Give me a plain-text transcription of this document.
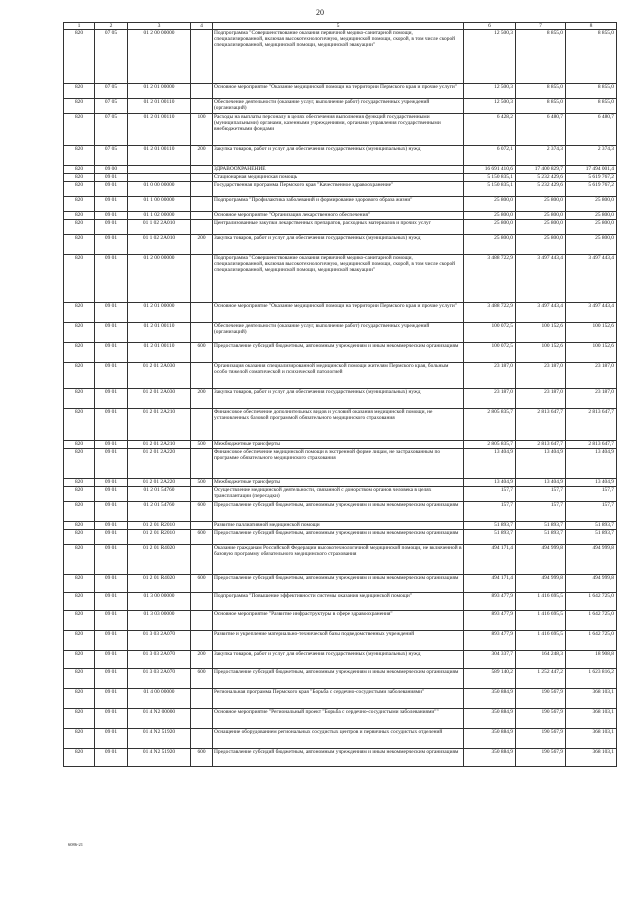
20
1	2	3	4	5	6	7	8
820	07 05	01 2 00 00000		Подпрограмма "Совершенствование оказания первичной медико-санитарной помощи, специализированной, включая высокотехнологичную, медицинской помощи, скорой, в том числе скорой специализированной, медицинской помощи, медицинской эвакуации"	12 500,3	8 855,0	8 855,0
820	07 05	01 2 01 00000		Основное мероприятие "Оказание медицинской помощи на территории Пермского края и прочие услуги"	12 500,3	8 855,0	8 855,0
820	07 05	01 2 01 00110		Обеспечение деятельности (оказание услуг, выполнение работ) государственных учреждений (организаций)	12 500,3	8 855,0	8 855,0
820	07 05	01 2 01 00110	100	Расходы на выплаты персоналу в целях обеспечения выполнения функций государственными (муниципальными) органами, казенными учреждениями, органами управления государственными внебюджетными фондами	6 428,2	6 480,7	6 480,7
820	07 05	01 2 01 00110	200	Закупка товаров, работ и услуг для обеспечения государственных (муниципальных) нужд	6 072,1	2 374,3	2 374,3
820	09 00			ЗДРАВООХРАНЕНИЕ	16 691 410,6	17 400 829,7	17 494 001,4
820	09 01			Стационарная медицинская помощь	5 150 835,1	5 232 429,6	5 619 767,2
820	09 01	01 0 00 00000		Государственная программа Пермского края "Качественное здравоохранение"	5 150 835,1	5 232 429,6	5 619 767,2
820	09 01	01 1 00 00000		Подпрограмма "Профилактика заболеваний и формирование здорового образа жизни"	25 800,0	25 800,0	25 800,0
820	09 01	01 1 02 00000		Основное мероприятие "Организация лекарственного обеспечения"	25 800,0	25 800,0	25 800,0
820	09 01	01 1 02 2A010		Централизованные закупки лекарственных препаратов, расходных материалов и прочих услуг	25 800,0	25 800,0	25 800,0
820	09 01	01 1 02 2A010	200	Закупка товаров, работ и услуг для обеспечения государственных (муниципальных) нужд	25 800,0	25 800,0	25 800,0
820	09 01	01 2 00 00000		Подпрограмма "Совершенствование оказания первичной медико-санитарной помощи, специализированной, включая высокотехнологичную, медицинской помощи, скорой, в том числе скорой специализированной, медицинской помощи, медицинской эвакуации"	3 488 722,9	3 497 443,4	3 497 443,4
820	09 01	01 2 01 00000		Основное мероприятие "Оказание медицинской помощи на территории Пермского края и прочие услуги"	3 488 722,9	3 497 443,4	3 497 443,4
820	09 01	01 2 01 00110		Обеспечение деятельности (оказание услуг, выполнение работ) государственных учреждений (организаций)	100 072,5	100 152,6	100 152,6
820	09 01	01 2 01 00110	600	Предоставление субсидий бюджетным, автономным учреждениям и иным некоммерческим организациям	100 072,5	100 152,6	100 152,6
820	09 01	01 2 01 2A030		Организация оказания специализированной медицинской помощи жителям Пермского края, больным особо тяжелой соматической и психической патологией	23 187,0	23 187,0	23 187,0
820	09 01	01 2 01 2A030	200	Закупка товаров, работ и услуг для обеспечения государственных (муниципальных) нужд	23 187,0	23 187,0	23 187,0
820	09 01	01 2 01 2A210		Финансовое обеспечение дополнительных видов и условий оказания медицинской помощи, не установленных базовой программой обязательного медицинского страхования	2 805 835,7	2 813 647,7	2 813 647,7
820	09 01	01 2 01 2A210	500	Межбюджетные трансферты	2 805 835,7	2 813 647,7	2 813 647,7
820	09 01	01 2 01 2A220		Финансовое обеспечение медицинской помощи в экстренной форме лицам, не застрахованным по программе обязательного медицинского страхования	13 404,9	13 404,9	13 404,9
820	09 01	01 2 01 2A220	500	Межбюджетные трансферты	13 404,9	13 404,9	13 404,9
820	09 01	01 2 01 54760		Осуществление медицинской деятельности, связанной с донорством органов человека в целях трансплантации (пересадки)	157,7	157,7	157,7
820	09 01	01 2 01 54760	600	Предоставление субсидий бюджетным, автономным учреждениям и иным некоммерческим организациям	157,7	157,7	157,7
820	09 01	01 2 01 R2010		Развитие паллиативной медицинской помощи	51 893,7	51 893,7	51 893,7
820	09 01	01 2 01 R2010	600	Предоставление субсидий бюджетным, автономным учреждениям и иным некоммерческим организациям	51 893,7	51 893,7	51 893,7
820	09 01	01 2 01 R4020		Оказание гражданам Российской Федерации высокотехнологичной медицинской помощи, не включенной в базовую программу обязательного медицинского страхования	494 171,4	494 999,8	494 999,8
820	09 01	01 2 01 R4020	600	Предоставление субсидий бюджетным, автономным учреждениям и иным некоммерческим организациям	494 171,4	494 999,8	494 999,8
820	09 01	01 3 00 00000		Подпрограмма "Повышение эффективности системы оказания медицинской помощи"	893 477,9	1 416 695,5	1 642 725,0
820	09 01	01 3 03 00000		Основное мероприятие "Развитие инфраструктуры в сфере здравоохранения"	893 477,9	1 416 695,5	1 642 725,0
820	09 01	01 3 03 2A070		Развитие и укрепление материально-технической базы подведомственных учреждений	893 477,9	1 416 695,5	1 642 725,0
820	09 01	01 3 03 2A070	200	Закупка товаров, работ и услуг для обеспечения государственных (муниципальных) нужд	304 337,7	164 248,3	18 908,8
820	09 01	01 3 03 2A070	600	Предоставление субсидий бюджетным, автономным учреждениям и иным некоммерческим организациям	589 140,2	1 252 447,2	1 623 816,2
820	09 01	01 4 00 00000		Региональная программа Пермского края "Борьба с сердечно-сосудистыми заболеваниями"	350 884,9	190 567,9	368 103,1
820	09 01	01 4 N2 00000		Основное мероприятие "Региональный проект "Борьба с сердечно-сосудистыми заболеваниями""	350 884,9	190 567,9	368 103,1
820	09 01	01 4 N2 51920		Оснащение оборудованием региональных сосудистых центров и первичных сосудистых отделений	350 884,9	190 567,9	368 103,1
820	09 01	01 4 N2 51920	600	Предоставление субсидий бюджетным, автономным учреждениям и иным некоммерческим организациям	350 884,9	190 567,9	368 103,1
6086-21
